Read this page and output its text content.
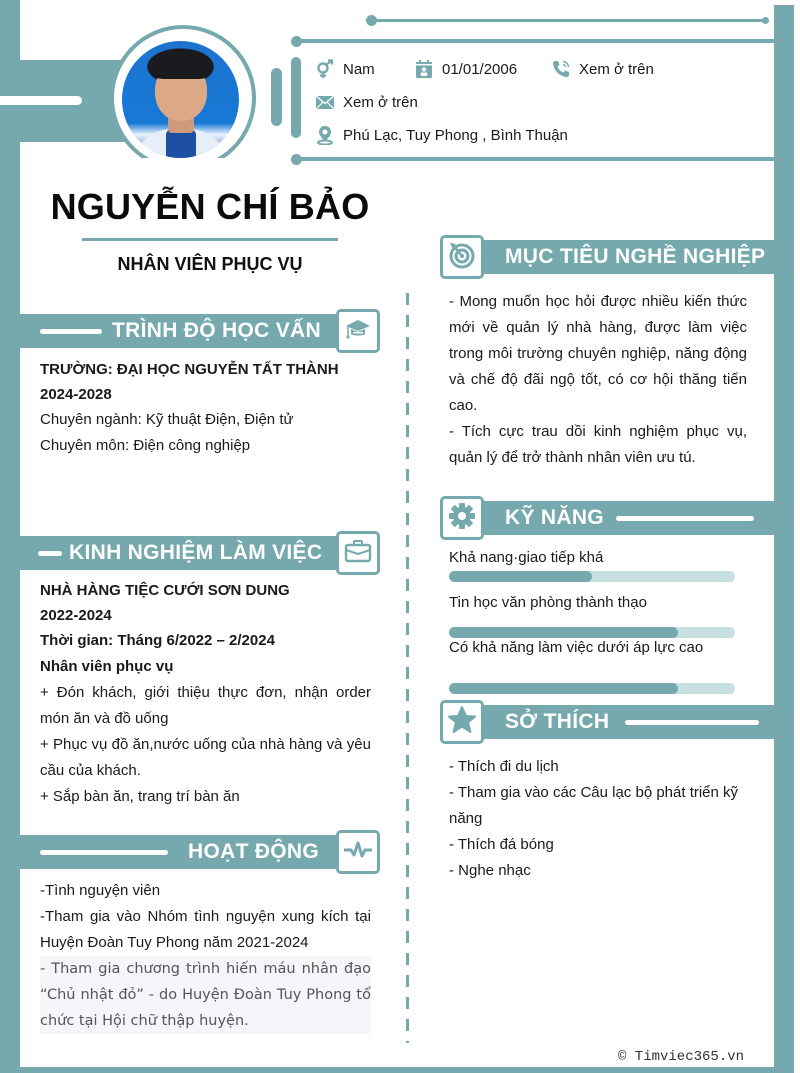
Nam	01/01/2006	Xem ở trên
Xem ở trên
Phú Lạc, Tuy Phong , Bình Thuận
NGUYỄN CHÍ BẢO
NHÂN VIÊN PHỤC VỤ
TRÌNH ĐỘ HỌC VẤN
TRƯỜNG: ĐẠI HỌC NGUYỄN TẤT THÀNH
2024-2028
Chuyên ngành: Kỹ thuật Điện, Điện tử
Chuyên môn: Điện công nghiệp
KINH NGHIỆM LÀM VIỆC
NHÀ HÀNG TIỆC CƯỚI SƠN DUNG
2022-2024
Thời gian: Tháng 6/2022 – 2/2024
Nhân viên phục vụ
+ Đón khách, giới thiệu thực đơn, nhận order món ăn và đồ uống
+ Phục vụ đồ ăn,nước uống của nhà hàng và yêu cầu của khách.
+ Sắp bàn ăn, trang trí bàn ăn
HOẠT ĐỘNG
-Tình nguyện viên
-Tham gia vào Nhóm tình nguyện xung kích tại Huyện Đoàn Tuy Phong năm 2021-2024
- Tham gia chương trình hiến máu nhân đạo “Chủ nhật đỏ” - do Huyện Đoàn Tuy Phong tổ chức tại Hội chữ thập huyện.
MỤC TIÊU NGHỀ NGHIỆP
- Mong muốn học hỏi được nhiều kiến thức mới về quản lý nhà hàng, được làm việc trong môi trường chuyên nghiệp, năng động và chế độ đãi ngộ tốt, có cơ hội thăng tiến cao.
- Tích cực trau dồi kinh nghiệm phục vụ, quản lý để trở thành nhân viên ưu tú.
KỸ NĂNG
Khả nang·giao tiếp khá
Tin học văn phòng thành thạo
Có khả năng làm việc dưới áp lực cao
SỞ THÍCH
- Thích đi du lịch
- Tham gia vào các Câu lạc bộ phát triển kỹ năng
- Thích đá bóng
- Nghe nhạc
© Timviec365.vn
